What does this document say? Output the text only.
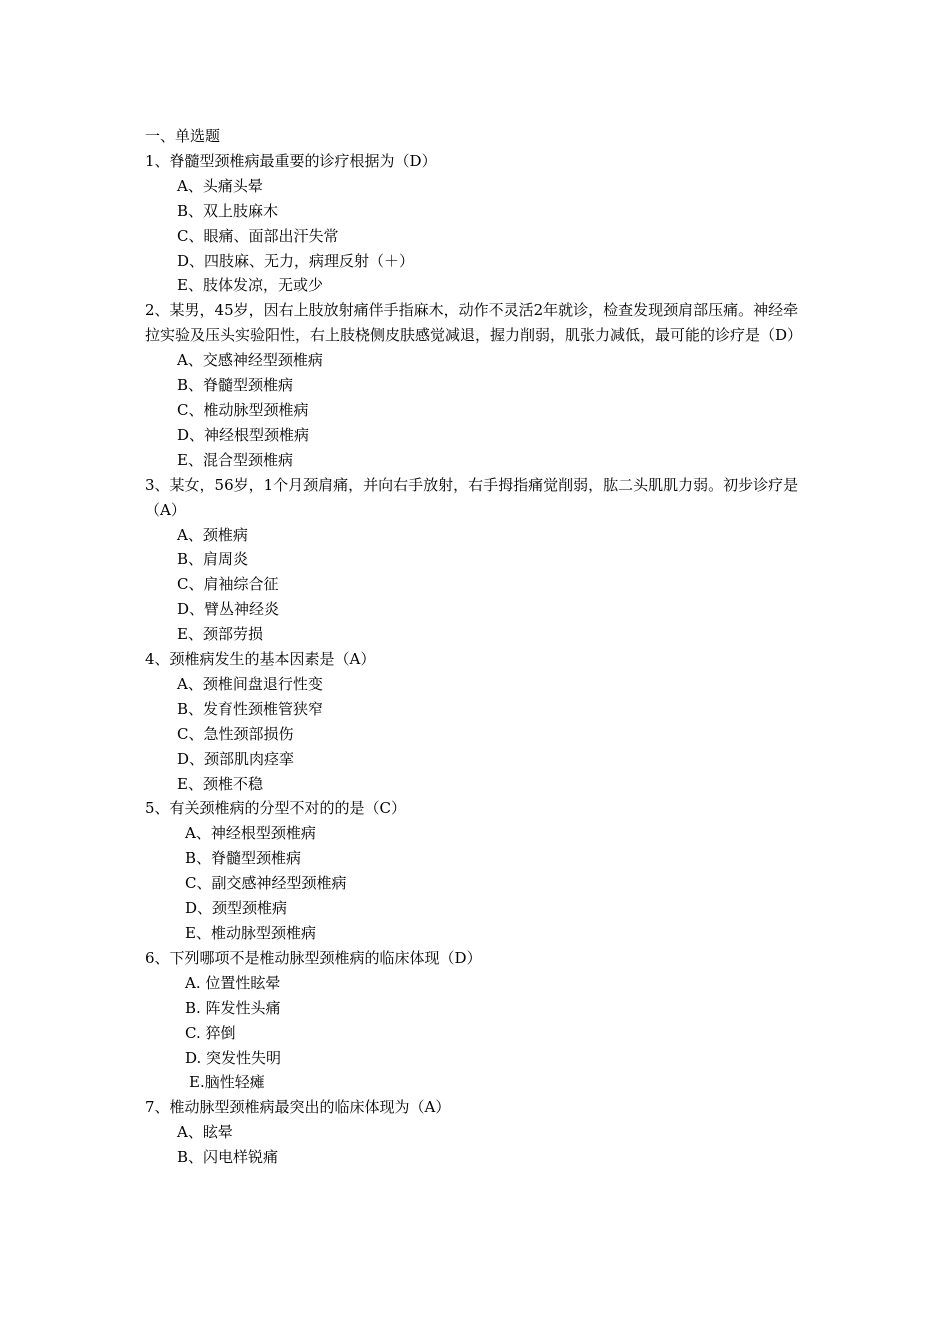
一、单选题

1、脊髓型颈椎病最重要的诊疗根据为（D）

A、头痛头晕

B、双上肢麻木

C、眼痛、面部出汗失常

D、四肢麻、无力，病理反射（＋）

E、肢体发凉，无或少

2、某男，45岁，因右上肢放射痛伴手指麻木，动作不灵活2年就诊，检查发现颈肩部压痛。神经牵拉实验及压头实验阳性，右上肢桡侧皮肤感觉减退，握力削弱，肌张力减低，最可能的诊疗是（D）

A、交感神经型颈椎病

B、脊髓型颈椎病

C、椎动脉型颈椎病

D、神经根型颈椎病

E、混合型颈椎病

3、某女，56岁，1个月颈肩痛，并向右手放射，右手拇指痛觉削弱，肱二头肌肌力弱。初步诊疗是（A）

A、颈椎病

B、肩周炎

C、肩袖综合征

D、臂丛神经炎

E、颈部劳损

4、颈椎病发生的基本因素是（A）

A、颈椎间盘退行性变

B、发育性颈椎管狭窄

C、急性颈部损伤

D、颈部肌肉痉挛

E、颈椎不稳

5、有关颈椎病的分型不对的的是（C）

A、神经根型颈椎病

B、脊髓型颈椎病

C、副交感神经型颈椎病

D、颈型颈椎病

E、椎动脉型颈椎病

6、下列哪项不是椎动脉型颈椎病的临床体现（D）

A. 位置性眩晕

B. 阵发性头痛

C. 猝倒

D. 突发性失明

E.脑性轻瘫

7、椎动脉型颈椎病最突出的临床体现为（A）

A、眩晕

B、闪电样锐痛
